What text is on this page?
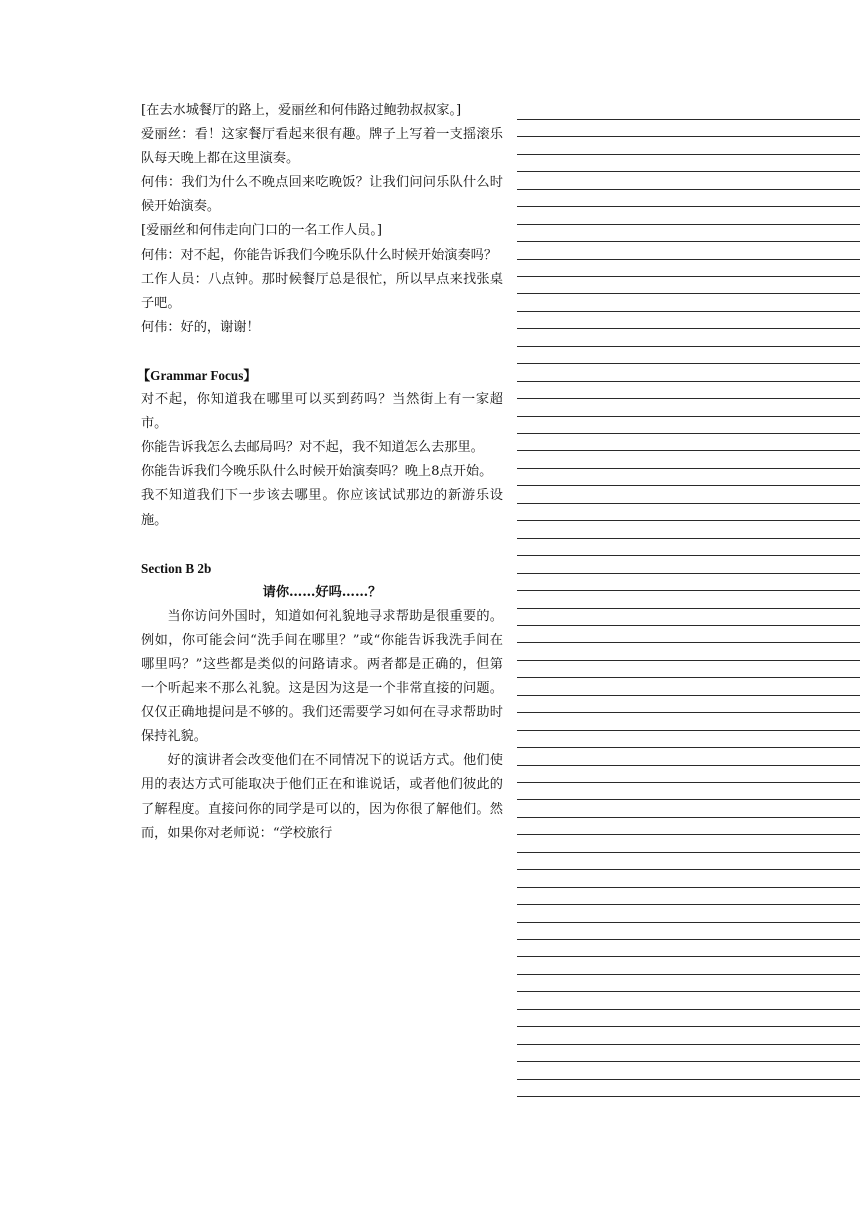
[在去水城餐厅的路上，爱丽丝和何伟路过鲍勃叔叔家。]

爱丽丝：看！这家餐厅看起来很有趣。牌子上写着一支摇滚乐队每天晚上都在这里演奏。

何伟：我们为什么不晚点回来吃晚饭？让我们问问乐队什么时候开始演奏。

[爱丽丝和何伟走向门口的一名工作人员。]

何伟：对不起，你能告诉我们今晚乐队什么时候开始演奏吗？

工作人员：八点钟。那时候餐厅总是很忙，所以早点来找张桌子吧。

何伟：好的，谢谢！

【Grammar Focus】

对不起，你知道我在哪里可以买到药吗？当然街上有一家超市。

你能告诉我怎么去邮局吗？对不起，我不知道怎么去那里。

你能告诉我们今晚乐队什么时候开始演奏吗？晚上8点开始。

我不知道我们下一步该去哪里。你应该试试那边的新游乐设施。

Section B 2b

请你……好吗……？

当你访问外国时，知道如何礼貌地寻求帮助是很重要的。例如，你可能会问“洗手间在哪里？”或“你能告诉我洗手间在哪里吗？”这些都是类似的问路请求。两者都是正确的，但第一个听起来不那么礼貌。这是因为这是一个非常直接的问题。仅仅正确地提问是不够的。我们还需要学习如何在寻求帮助时保持礼貌。

好的演讲者会改变他们在不同情况下的说话方式。他们使用的表达方式可能取决于他们正在和谁说话，或者他们彼此的了解程度。直接问你的同学是可以的，因为你很了解他们。然而，如果你对老师说：“学校旅行
